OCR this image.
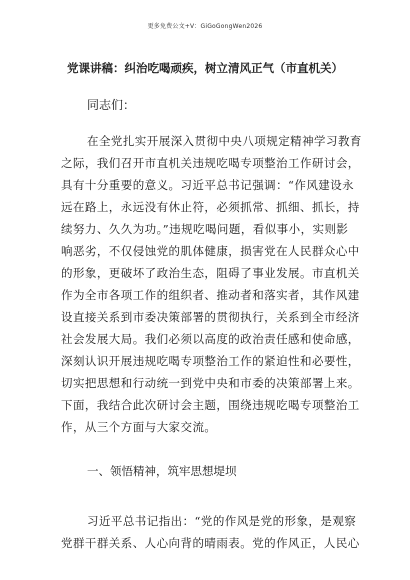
更多免费公文+V：GiGoGongWen2026
党课讲稿：纠治吃喝顽疾，树立清风正气（市直机关）
同志们：
在全党扎实开展深入贯彻中央八项规定精神学习教育
之际，我们召开市直机关违规吃喝专项整治工作研讨会，
具有十分重要的意义。习近平总书记强调：“作风建设永
远在路上，永远没有休止符，必须抓常、抓细、抓长，持
续努力、久久为功。”违规吃喝问题，看似事小，实则影
响恶劣，不仅侵蚀党的肌体健康，损害党在人民群众心中
的形象，更破坏了政治生态，阻碍了事业发展。市直机关
作为全市各项工作的组织者、推动者和落实者，其作风建
设直接关系到市委决策部署的贯彻执行，关系到全市经济
社会发展大局。我们必须以高度的政治责任感和使命感，
深刻认识开展违规吃喝专项整治工作的紧迫性和必要性，
切实把思想和行动统一到党中央和市委的决策部署上来。
下面，我结合此次研讨会主题，围绕违规吃喝专项整治工
作，从三个方面与大家交流。
一、领悟精神，筑牢思想堤坝
习近平总书记指出：“党的作风是党的形象，是观察
党群干群关系、人心向背的晴雨表。党的作风正，人民心
